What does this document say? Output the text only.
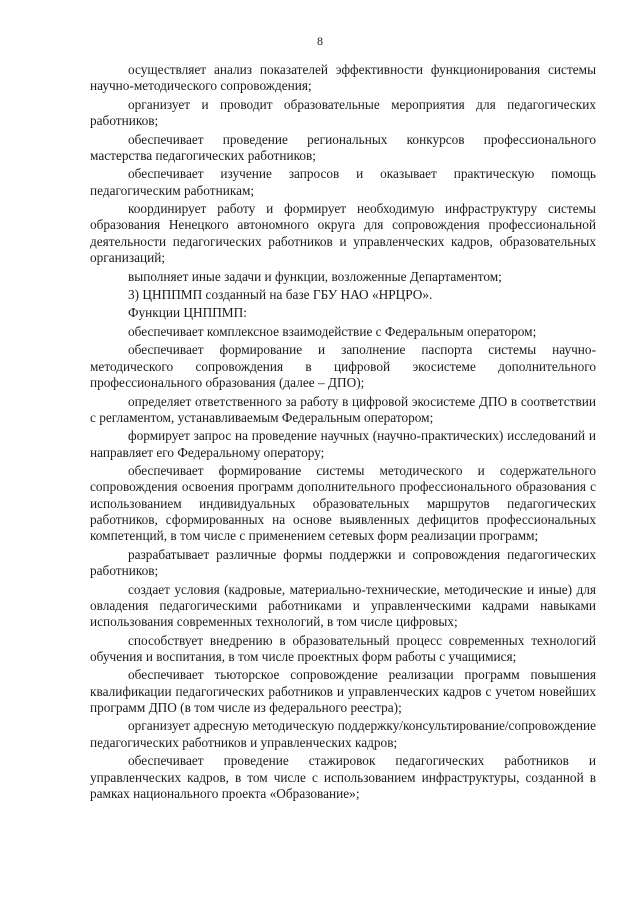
8

осуществляет анализ показателей эффективности функционирования системы научно-методического сопровождения;

организует и проводит образовательные мероприятия для педагогических работников;

обеспечивает проведение региональных конкурсов профессионального мастерства педагогических работников;

обеспечивает изучение запросов и оказывает практическую помощь педагогическим работникам;

координирует работу и формирует необходимую инфраструктуру системы образования Ненецкого автономного округа для сопровождения профессиональной деятельности педагогических работников и управленческих кадров, образовательных организаций;

выполняет иные задачи и функции, возложенные Департаментом;

3) ЦНППМП созданный на базе ГБУ НАО «НРЦРО».

Функции ЦНППМП:

обеспечивает комплексное взаимодействие с Федеральным оператором;

обеспечивает формирование и заполнение паспорта системы научно-методического сопровождения в цифровой экосистеме дополнительного профессионального образования (далее – ДПО);

определяет ответственного за работу в цифровой экосистеме ДПО в соответствии с регламентом, устанавливаемым Федеральным оператором;

формирует запрос на проведение научных (научно-практических) исследований и направляет его Федеральному оператору;

обеспечивает формирование системы методического и содержательного сопровождения освоения программ дополнительного профессионального образования с использованием индивидуальных образовательных маршрутов педагогических работников, сформированных на основе выявленных дефицитов профессиональных компетенций, в том числе с применением сетевых форм реализации программ;

разрабатывает различные формы поддержки и сопровождения педагогических работников;

создает условия (кадровые, материально-технические, методические и иные) для овладения педагогическими работниками и управленческими кадрами навыками использования современных технологий, в том числе цифровых;

способствует внедрению в образовательный процесс современных технологий обучения и воспитания, в том числе проектных форм работы с учащимися;

обеспечивает тьюторское сопровождение реализации программ повышения квалификации педагогических работников и управленческих кадров с учетом новейших программ ДПО (в том числе из федерального реестра);

организует адресную методическую поддержку/консультирование/сопровождение педагогических работников и управленческих кадров;

обеспечивает проведение стажировок педагогических работников и управленческих кадров, в том числе с использованием инфраструктуры, созданной в рамках национального проекта «Образование»;
